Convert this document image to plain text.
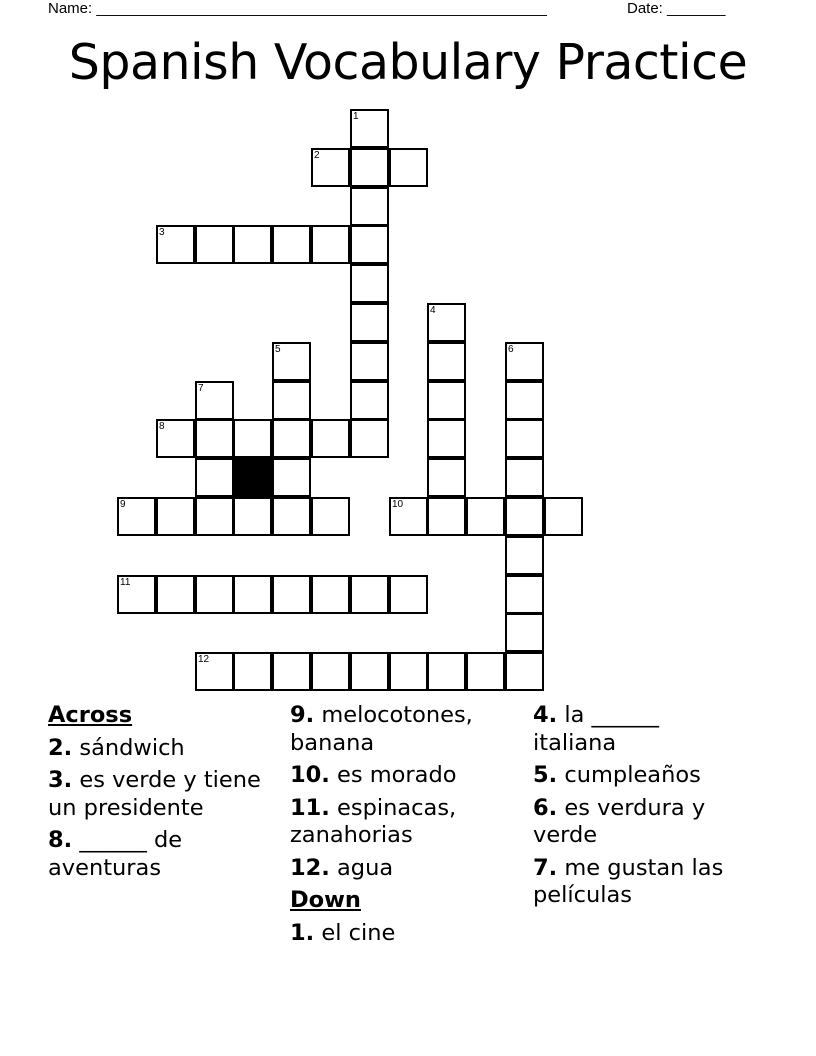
Name: ______________________________________________________	Date: _______
Spanish Vocabulary Practice
1
2
3
4
5	6
7
8
9	10
11
12
Across
2. sándwich
3. es verde y tiene un presidente
8. ______ de aventuras
9. melocotones, banana
10. es morado
11. espinacas, zanahorias
12. agua
Down
1. el cine
4. la ______ italiana
5. cumpleaños
6. es verdura y verde
7. me gustan las películas
